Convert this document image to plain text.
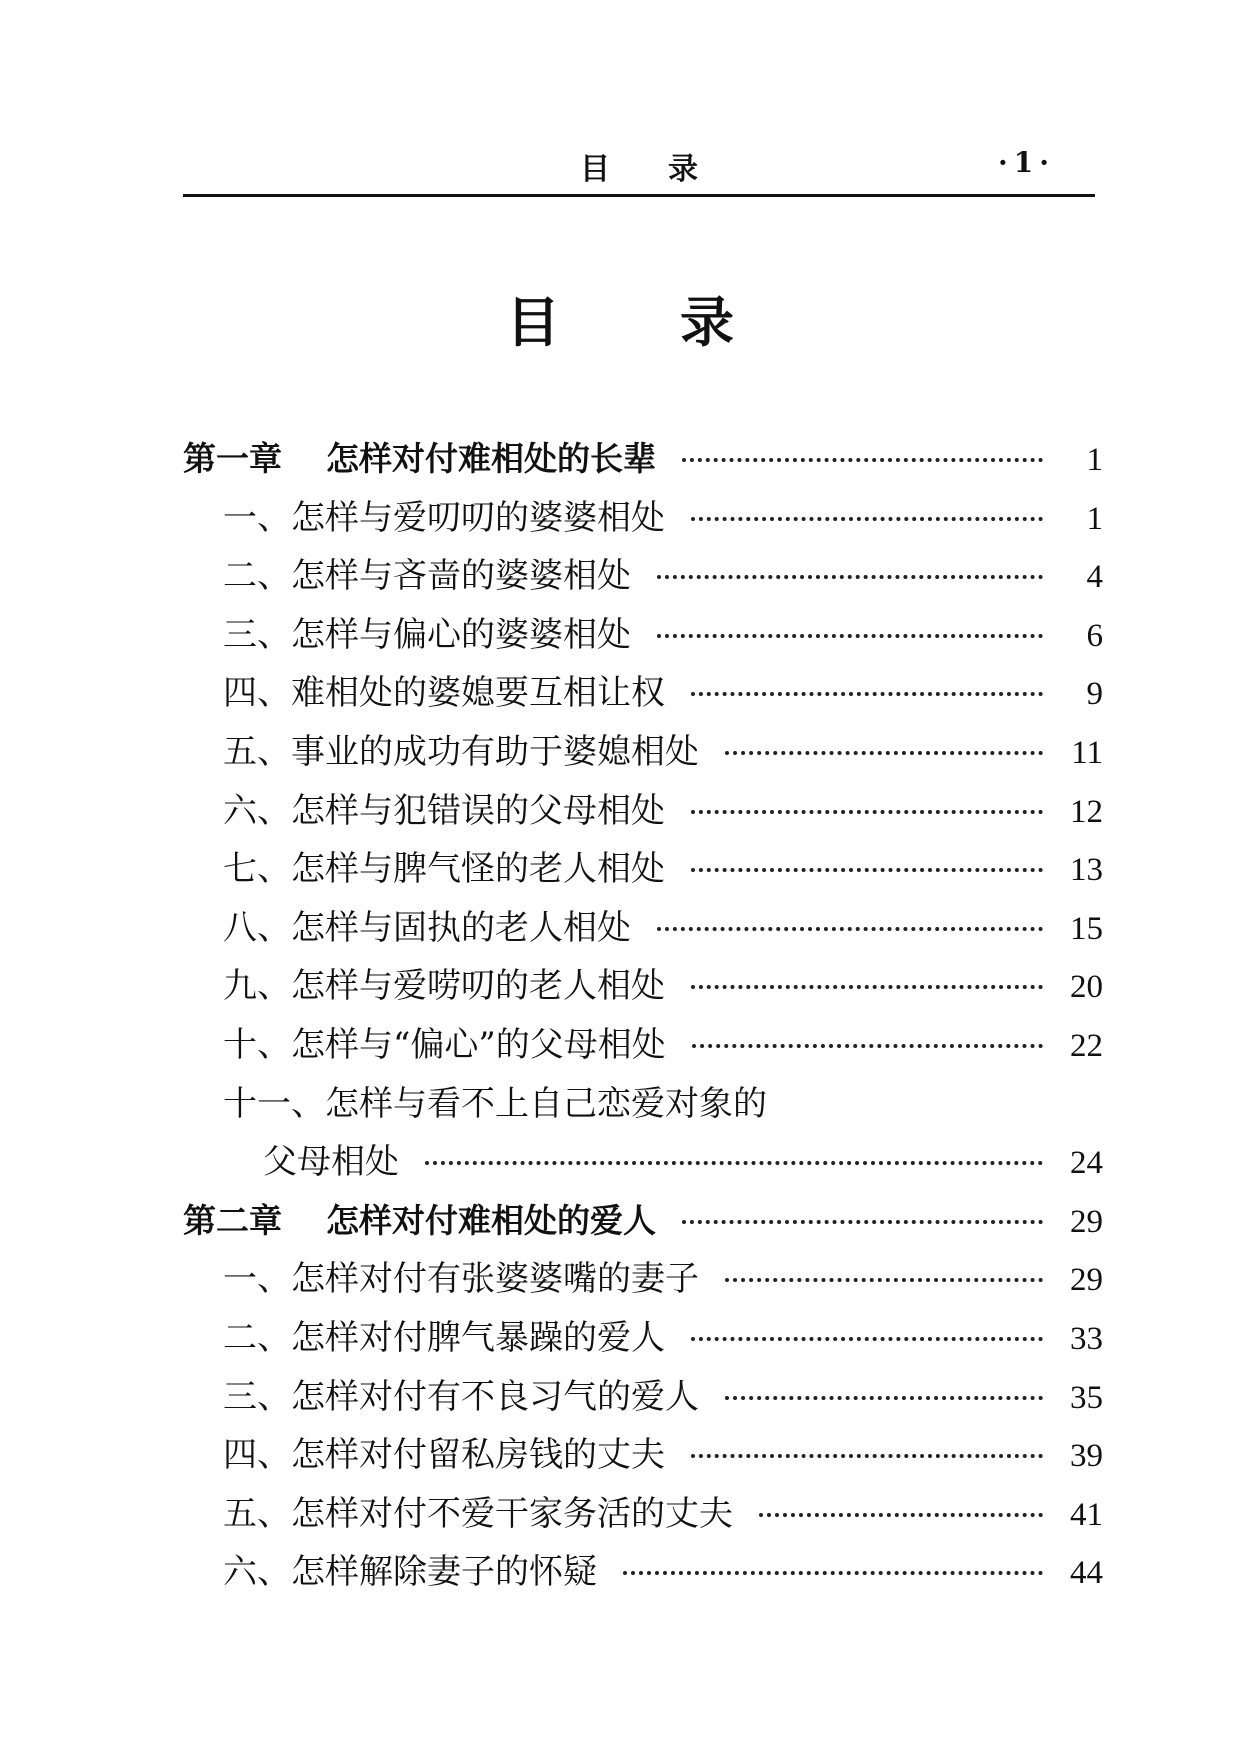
目录	·1·
目录
第一章 怎样对付难相处的长辈	1
一、怎样与爱叨叨的婆婆相处	1
二、怎样与吝啬的婆婆相处	4
三、怎样与偏心的婆婆相处	6
四、难相处的婆媳要互相让权	9
五、事业的成功有助于婆媳相处	11
六、怎样与犯错误的父母相处	12
七、怎样与脾气怪的老人相处	13
八、怎样与固执的老人相处	15
九、怎样与爱唠叨的老人相处	20
十、怎样与“偏心”的父母相处	22
十一、怎样与看不上自己恋爱对象的
父母相处	24
第二章 怎样对付难相处的爱人	29
一、怎样对付有张婆婆嘴的妻子	29
二、怎样对付脾气暴躁的爱人	33
三、怎样对付有不良习气的爱人	35
四、怎样对付留私房钱的丈夫	39
五、怎样对付不爱干家务活的丈夫	41
六、怎样解除妻子的怀疑	44
